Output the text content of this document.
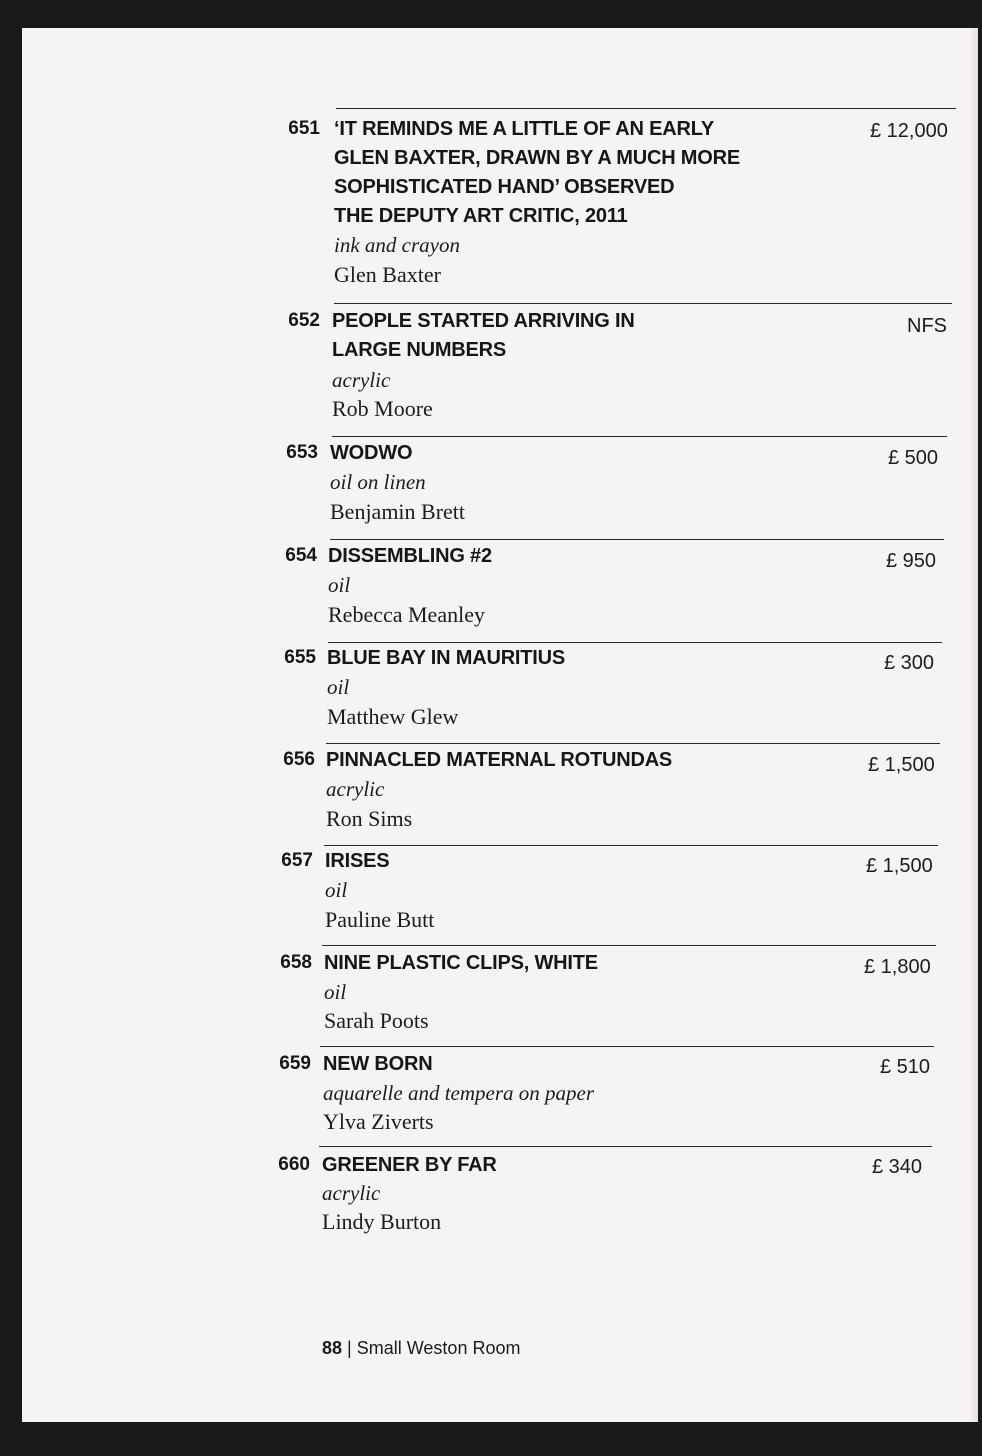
651 ‘IT REMINDS ME A LITTLE OF AN EARLY
GLEN BAXTER, DRAWN BY A MUCH MORE
SOPHISTICATED HAND’ OBSERVED
THE DEPUTY ART CRITIC, 2011
ink and crayon
Glen Baxter
£ 12,000
652 PEOPLE STARTED ARRIVING IN
LARGE NUMBERS
acrylic
Rob Moore
NFS
653 WODWO
oil on linen
Benjamin Brett
£ 500
654 DISSEMBLING #2
oil
Rebecca Meanley
£ 950
655 BLUE BAY IN MAURITIUS
oil
Matthew Glew
£ 300
656 PINNACLED MATERNAL ROTUNDAS
acrylic
Ron Sims
£ 1,500
657 IRISES
oil
Pauline Butt
£ 1,500
658 NINE PLASTIC CLIPS, WHITE
oil
Sarah Poots
£ 1,800
659 NEW BORN
aquarelle and tempera on paper
Ylva Ziverts
£ 510
660 GREENER BY FAR
acrylic
Lindy Burton
£ 340
88 | Small Weston Room
